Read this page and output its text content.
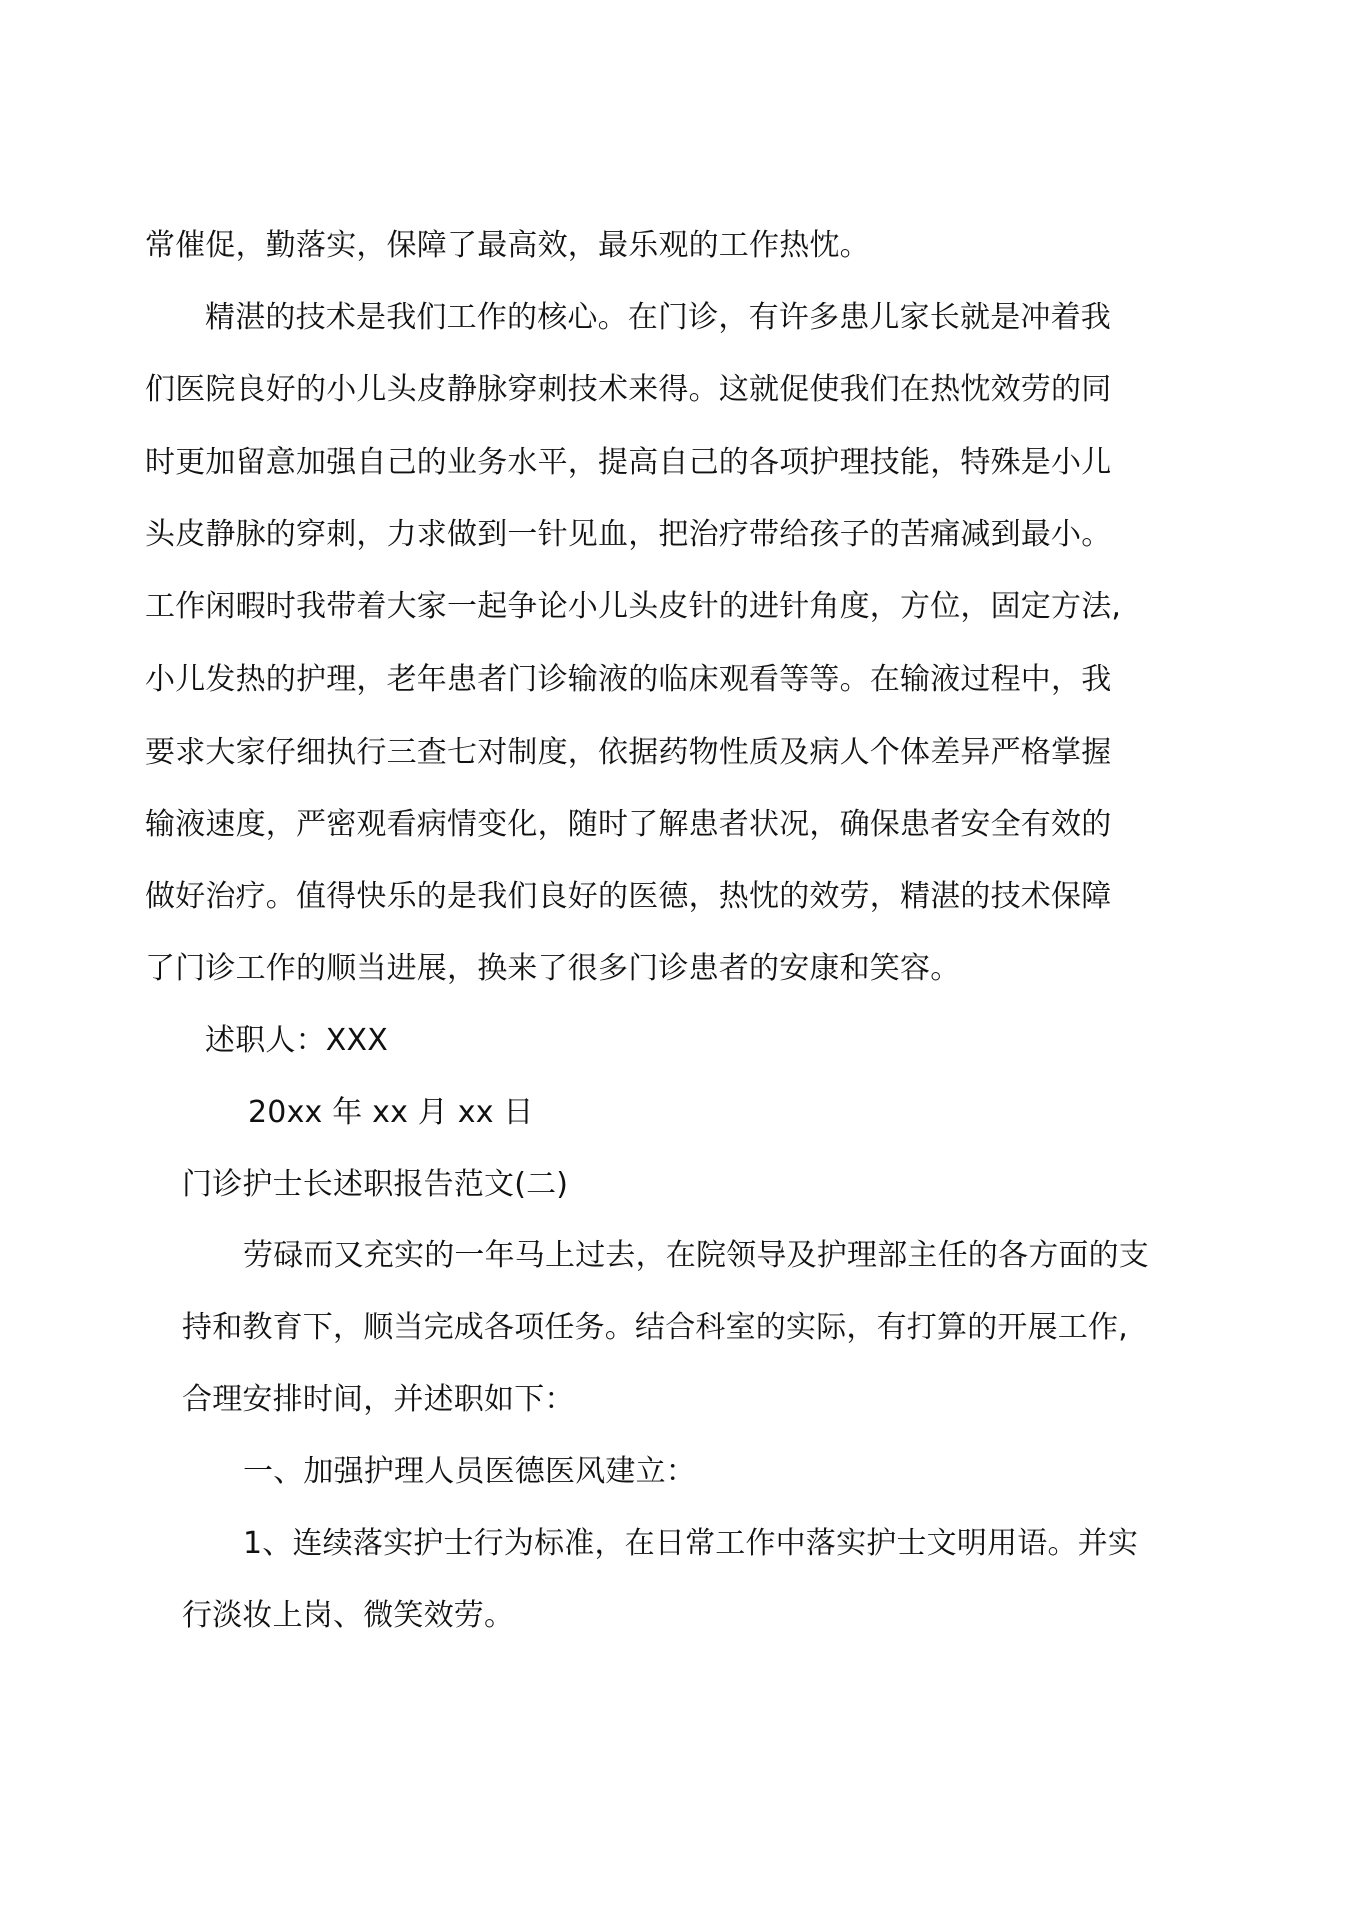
常催促，勤落实，保障了最高效，最乐观的工作热忱。
精湛的技术是我们工作的核心。在门诊，有许多患儿家长就是冲着我
们医院良好的小儿头皮静脉穿刺技术来得。这就促使我们在热忱效劳的同
时更加留意加强自己的业务水平，提高自己的各项护理技能，特殊是小儿
头皮静脉的穿刺，力求做到一针见血，把治疗带给孩子的苦痛减到最小。
工作闲暇时我带着大家一起争论小儿头皮针的进针角度，方位，固定方法,
小儿发热的护理，老年患者门诊输液的临床观看等等。在输液过程中，我
要求大家仔细执行三查七对制度，依据药物性质及病人个体差异严格掌握
输液速度，严密观看病情变化，随时了解患者状况，确保患者安全有效的
做好治疗。值得快乐的是我们良好的医德，热忱的效劳，精湛的技术保障
了门诊工作的顺当进展，换来了很多门诊患者的安康和笑容。
述职人：XXX
20xx 年 xx 月 xx 日
门诊护士长述职报告范文(二)
劳碌而又充实的一年马上过去，在院领导及护理部主任的各方面的支
持和教育下，顺当完成各项任务。结合科室的实际，有打算的开展工作,
合理安排时间，并述职如下：
一、加强护理人员医德医风建立：
1、连续落实护士行为标准，在日常工作中落实护士文明用语。并实
行淡妆上岗、微笑效劳。
